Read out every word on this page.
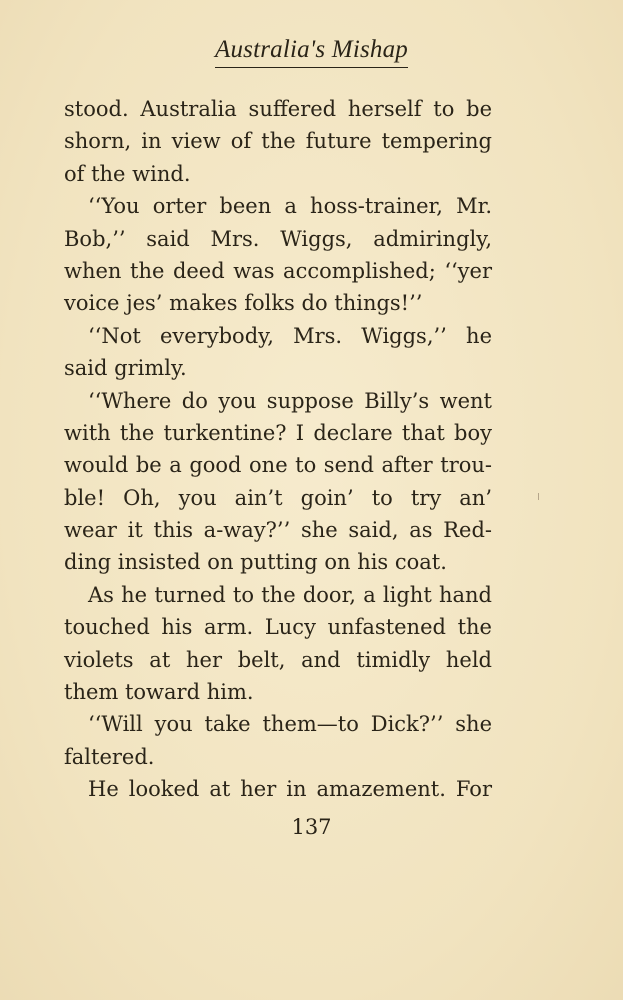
Australia's Mishap
stood. Australia suffered herself to be
shorn, in view of the future tempering
of the wind.
‘‘You orter been a hoss-trainer, Mr.
Bob,’’ said Mrs. Wiggs, admiringly,
when the deed was accomplished; ‘‘yer
voice jes’ makes folks do things!’’
‘‘Not everybody, Mrs. Wiggs,’’ he
said grimly.
‘‘Where do you suppose Billy’s went
with the turkentine? I declare that boy
would be a good one to send after trou-
ble! Oh, you ain’t goin’ to try an’
wear it this a-way?’’ she said, as Red-
ding insisted on putting on his coat.
As he turned to the door, a light hand
touched his arm. Lucy unfastened the
violets at her belt, and timidly held
them toward him.
‘‘Will you take them—to Dick?’’ she
faltered.
He looked at her in amazement. For
137
